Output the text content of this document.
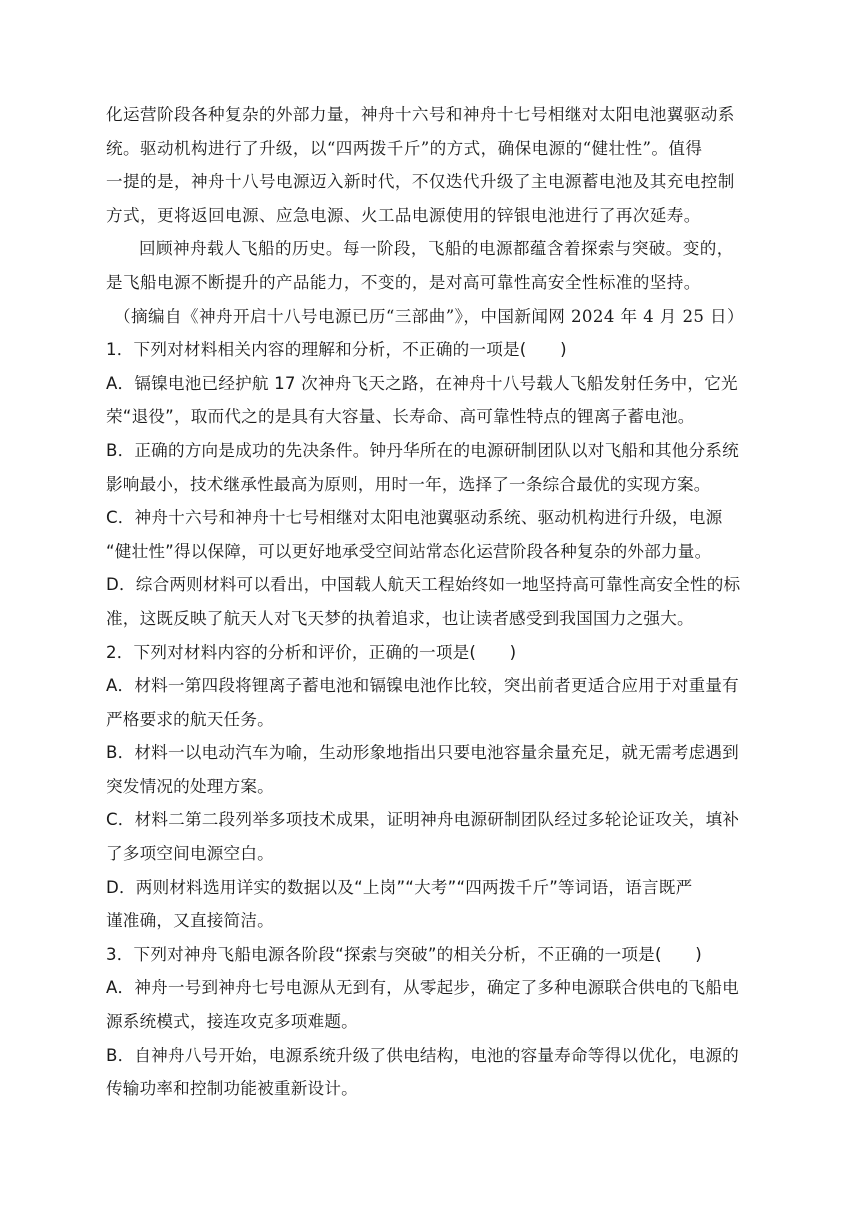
化运营阶段各种复杂的外部力量，神舟十六号和神舟十七号相继对太阳电池翼驱动系
统。驱动机构进行了升级，以“四两拨千斤”的方式，确保电源的“健壮性”。值得
一提的是，神舟十八号电源迈入新时代，不仅迭代升级了主电源蓄电池及其充电控制
方式，更将返回电源、应急电源、火工品电源使用的锌银电池进行了再次延寿。
回顾神舟载人飞船的历史。每一阶段，飞船的电源都蕴含着探索与突破。变的，
是飞船电源不断提升的产品能力，不变的，是对高可靠性高安全性标准的坚持。
（摘编自《神舟开启十八号电源已历“三部曲”》，中国新闻网 2024 年 4 月 25 日）
1．下列对材料相关内容的理解和分析，不正确的一项是(　　)
A．镉镍电池已经护航 17 次神舟飞天之路，在神舟十八号载人飞船发射任务中，它光
荣“退役”，取而代之的是具有大容量、长寿命、高可靠性特点的锂离子蓄电池。
B．正确的方向是成功的先决条件。钟丹华所在的电源研制团队以对飞船和其他分系统
影响最小，技术继承性最高为原则，用时一年，选择了一条综合最优的实现方案。
C．神舟十六号和神舟十七号相继对太阳电池翼驱动系统、驱动机构进行升级，电源
“健壮性”得以保障，可以更好地承受空间站常态化运营阶段各种复杂的外部力量。
D．综合两则材料可以看出，中国载人航天工程始终如一地坚持高可靠性高安全性的标
准，这既反映了航天人对飞天梦的执着追求，也让读者感受到我国国力之强大。
2．下列对材料内容的分析和评价，正确的一项是(　　)
A．材料一第四段将锂离子蓄电池和镉镍电池作比较，突出前者更适合应用于对重量有
严格要求的航天任务。
B．材料一以电动汽车为喻，生动形象地指出只要电池容量余量充足，就无需考虑遇到
突发情况的处理方案。
C．材料二第二段列举多项技术成果，证明神舟电源研制团队经过多轮论证攻关，填补
了多项空间电源空白。
D．两则材料选用详实的数据以及“上岗”“大考”“四两拨千斤”等词语，语言既严
谨准确，又直接简洁。
3．下列对神舟飞船电源各阶段“探索与突破”的相关分析，不正确的一项是(　　)
A．神舟一号到神舟七号电源从无到有，从零起步，确定了多种电源联合供电的飞船电
源系统模式，接连攻克多项难题。
B．自神舟八号开始，电源系统升级了供电结构，电池的容量寿命等得以优化，电源的
传输功率和控制功能被重新设计。
